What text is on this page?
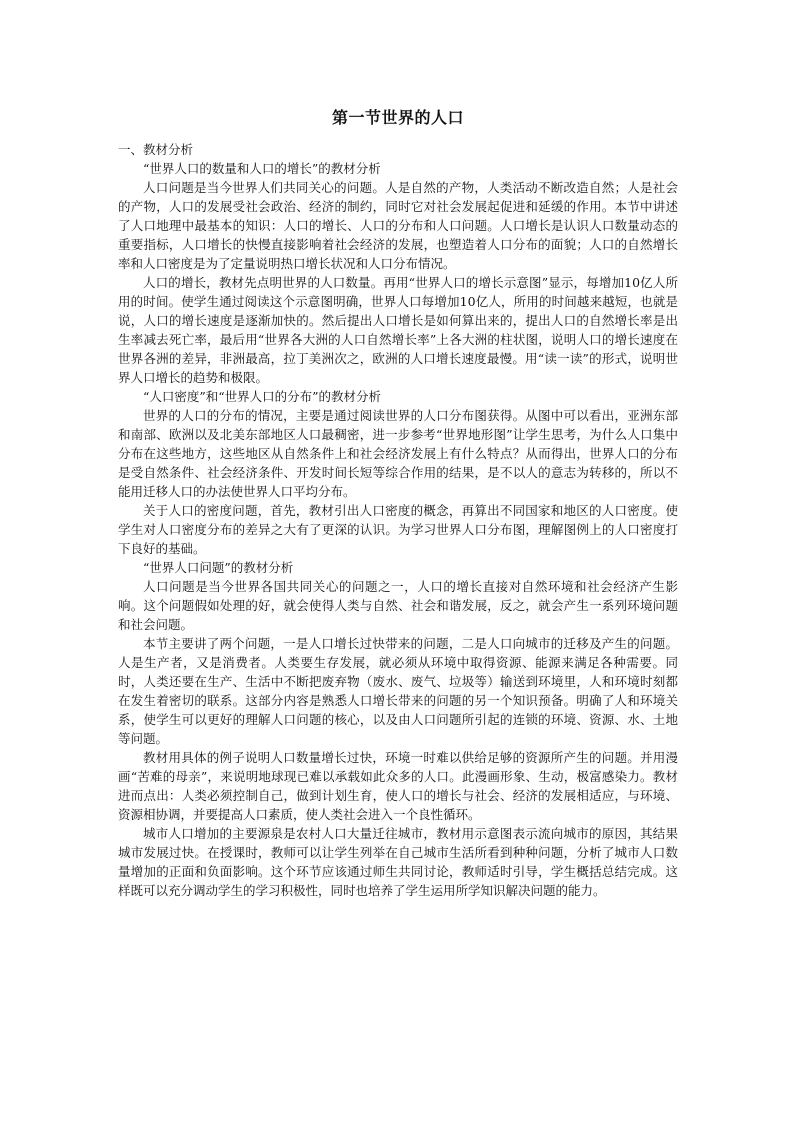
第一节世界的人口

一、教材分析

“世界人口的数量和人口的增长”的教材分析

人口问题是当今世界人们共同关心的问题。人是自然的产物，人类活动不断改造自然；人是社会的产物，人口的发展受社会政治、经济的制约，同时它对社会发展起促进和延缓的作用。本节中讲述了人口地理中最基本的知识：人口的增长、人口的分布和人口问题。人口增长是认识人口数量动态的重要指标，人口增长的快慢直接影响着社会经济的发展，也塑造着人口分布的面貌；人口的自然增长率和人口密度是为了定量说明热口增长状况和人口分布情况。

人口的增长，教材先点明世界的人口数量。再用“世界人口的增长示意图”显示，每增加10亿人所用的时间。使学生通过阅读这个示意图明确，世界人口每增加10亿人，所用的时间越来越短，也就是说，人口的增长速度是逐渐加快的。然后提出人口增长是如何算出来的，提出人口的自然增长率是出生率减去死亡率，最后用“世界各大洲的人口自然增长率”上各大洲的柱状图，说明人口的增长速度在世界各洲的差异，非洲最高，拉丁美洲次之，欧洲的人口增长速度最慢。用“读一读”的形式，说明世界人口增长的趋势和极限。

“人口密度”和“世界人口的分布”的教材分析

世界的人口的分布的情况，主要是通过阅读世界的人口分布图获得。从图中可以看出，亚洲东部和南部、欧洲以及北美东部地区人口最稠密，进一步参考“世界地形图”让学生思考，为什么人口集中分布在这些地方，这些地区从自然条件上和社会经济发展上有什么特点？从而得出，世界人口的分布是受自然条件、社会经济条件、开发时间长短等综合作用的结果，是不以人的意志为转移的，所以不能用迁移人口的办法使世界人口平均分布。

关于人口的密度问题，首先，教材引出人口密度的概念，再算出不同国家和地区的人口密度。使学生对人口密度分布的差异之大有了更深的认识。为学习世界人口分布图，理解图例上的人口密度打下良好的基础。

“世界人口问题”的教材分析

人口问题是当今世界各国共同关心的问题之一，人口的增长直接对自然环境和社会经济产生影响。这个问题假如处理的好，就会使得人类与自然、社会和谐发展，反之，就会产生一系列环境问题和社会问题。

本节主要讲了两个问题，一是人口增长过快带来的问题，二是人口向城市的迁移及产生的问题。人是生产者，又是消费者。人类要生存发展，就必须从环境中取得资源、能源来满足各种需要。同时，人类还要在生产、生活中不断把废弃物（废水、废气、垃圾等）输送到环境里，人和环境时刻都在发生着密切的联系。这部分内容是熟悉人口增长带来的问题的另一个知识预备。明确了人和环境关系，使学生可以更好的理解人口问题的核心，以及由人口问题所引起的连锁的环境、资源、水、土地等问题。

教材用具体的例子说明人口数量增长过快，环境一时难以供给足够的资源所产生的问题。并用漫画“苦难的母亲”，来说明地球现已难以承载如此众多的人口。此漫画形象、生动，极富感染力。教材进而点出：人类必须控制自己，做到计划生育，使人口的增长与社会、经济的发展相适应，与环境、资源相协调，并要提高人口素质，使人类社会进入一个良性循环。

城市人口增加的主要源泉是农村人口大量迁往城市，教材用示意图表示流向城市的原因，其结果城市发展过快。在授课时，教师可以让学生列举在自己城市生活所看到种种问题，分析了城市人口数量增加的正面和负面影响。这个环节应该通过师生共同讨论，教师适时引导，学生概括总结完成。这样既可以充分调动学生的学习积极性，同时也培养了学生运用所学知识解决问题的能力。
